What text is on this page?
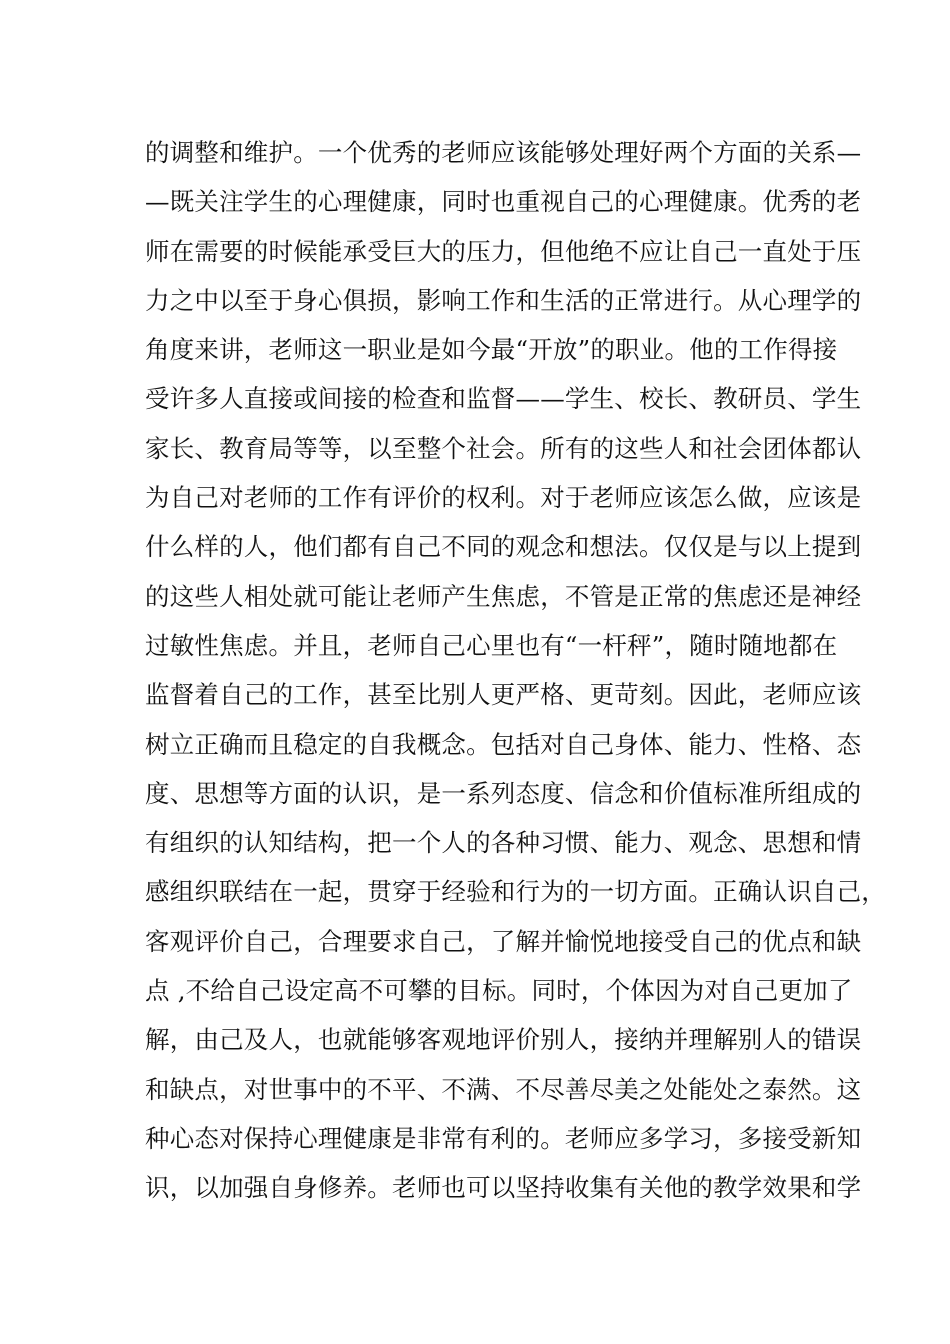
的调整和维护。一个优秀的老师应该能够处理好两个方面的关系—
—既关注学生的心理健康，同时也重视自己的心理健康。优秀的老
师在需要的时候能承受巨大的压力，但他绝不应让自己一直处于压
力之中以至于身心俱损，影响工作和生活的正常进行。从心理学的
角度来讲，老师这一职业是如今最“开放”的职业。他的工作得接
受许多人直接或间接的检查和监督——学生、校长、教研员、学生
家长、教育局等等，以至整个社会。所有的这些人和社会团体都认
为自己对老师的工作有评价的权利。对于老师应该怎么做，应该是
什么样的人，他们都有自己不同的观念和想法。仅仅是与以上提到
的这些人相处就可能让老师产生焦虑，不管是正常的焦虑还是神经
过敏性焦虑。并且，老师自己心里也有“一杆秤”，随时随地都在
监督着自己的工作，甚至比别人更严格、更苛刻。因此，老师应该
树立正确而且稳定的自我概念。包括对自己身体、能力、性格、态
度、思想等方面的认识，是一系列态度、信念和价值标准所组成的
有组织的认知结构，把一个人的各种习惯、能力、观念、思想和情
感组织联结在一起，贯穿于经验和行为的一切方面。正确认识自己，
客观评价自己，合理要求自己，了解并愉悦地接受自己的优点和缺
点 ,不给自己设定高不可攀的目标。同时，个体因为对自己更加了
解，由己及人，也就能够客观地评价别人，接纳并理解别人的错误
和缺点，对世事中的不平、不满、不尽善尽美之处能处之泰然。这
种心态对保持心理健康是非常有利的。老师应多学习，多接受新知
识，以加强自身修养。老师也可以坚持收集有关他的教学效果和学
